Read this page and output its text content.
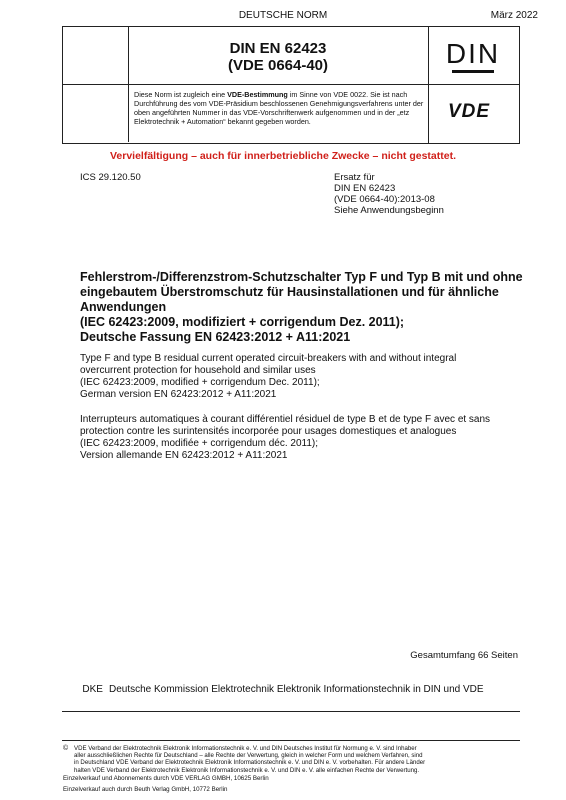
DEUTSCHE NORM	März 2022
DIN EN 62423
(VDE 0664-40)	DIN
Diese Norm ist zugleich eine VDE-Bestimmung im Sinne von VDE 0022. Sie ist nach Durchführung des vom VDE-Präsidium beschlossenen Genehmigungsverfahrens unter der oben angeführten Nummer in das VDE-Vorschriftenwerk aufgenommen und in der „etz Elektrotechnik + Automation“ bekannt gegeben worden.	VDE
Vervielfältigung – auch für innerbetriebliche Zwecke – nicht gestattet.
ICS 29.120.50	Ersatz für
DIN EN 62423
(VDE 0664-40):2013-08
Siehe Anwendungsbeginn
Fehlerstrom-/Differenzstrom-Schutzschalter Typ F und Typ B mit und ohne
eingebautem Überstromschutz für Hausinstallationen und für ähnliche
Anwendungen
(IEC 62423:2009, modifiziert + corrigendum Dez. 2011);
Deutsche Fassung EN 62423:2012 + A11:2021
Type F and type B residual current operated circuit-breakers with and without integral
overcurrent protection for household and similar uses
(IEC 62423:2009, modified + corrigendum Dec. 2011);
German version EN 62423:2012 + A11:2021
Interrupteurs automatiques à courant différentiel résiduel de type B et de type F avec et sans
protection contre les surintensités incorporée pour usages domestiques et analogues
(IEC 62423:2009, modifiée + corrigendum déc. 2011);
Version allemande EN 62423:2012 + A11:2021
Gesamtumfang 66 Seiten
DKE Deutsche Kommission Elektrotechnik Elektronik Informationstechnik in DIN und VDE
© VDE Verband der Elektrotechnik Elektronik Informationstechnik e. V. und DIN Deutsches Institut für Normung e. V. sind Inhaber
aller ausschließlichen Rechte für Deutschland – alle Rechte der Verwertung, gleich in welcher Form und welchem Verfahren, sind
in Deutschland VDE Verband der Elektrotechnik Elektronik Informationstechnik e. V. und DIN e. V. vorbehalten. Für andere Länder
halten VDE Verband der Elektrotechnik Elektronik Informationstechnik e. V. und DIN e. V. alle einfachen Rechte der Verwertung.
Einzelverkauf und Abonnements durch VDE VERLAG GMBH, 10625 Berlin
Einzelverkauf auch durch Beuth Verlag GmbH, 10772 Berlin
